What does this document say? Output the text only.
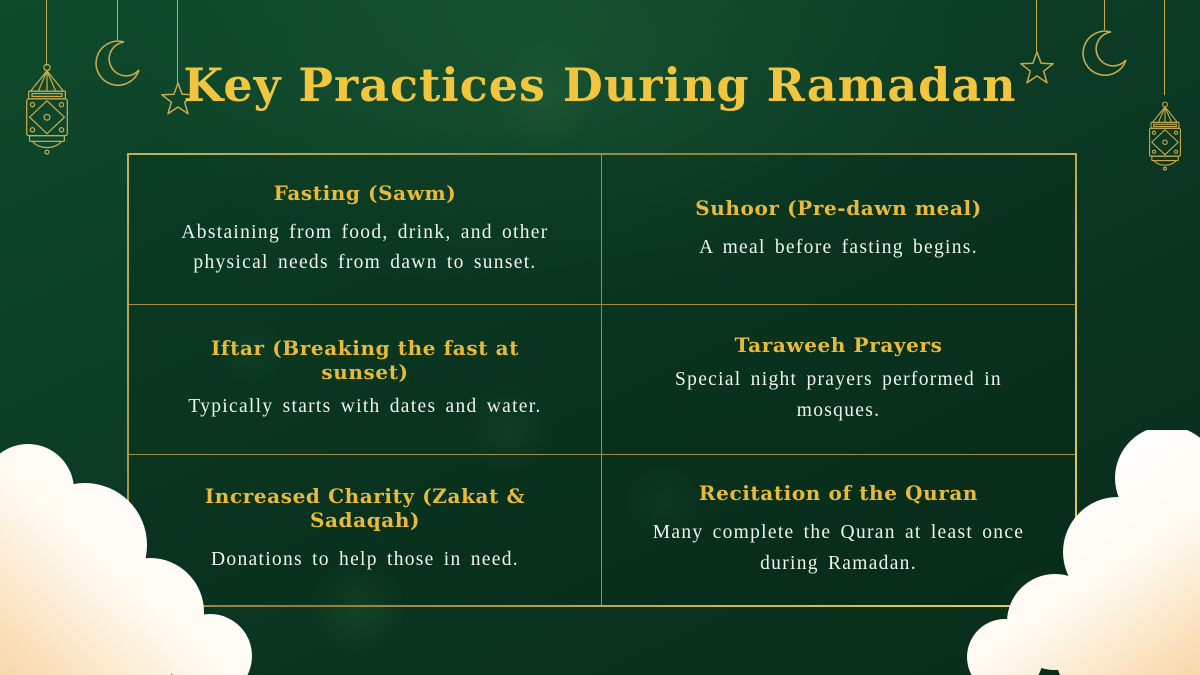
Key Practices During Ramadan
Fasting (Sawm)
Abstaining from food, drink, and other physical needs from dawn to sunset.
Suhoor (Pre-dawn meal)
A meal before fasting begins.
Iftar (Breaking the fast at sunset)
Typically starts with dates and water.
Taraweeh Prayers
Special night prayers performed in mosques.
Increased Charity (Zakat & Sadaqah)
Donations to help those in need.
Recitation of the Quran
Many complete the Quran at least once during Ramadan.
